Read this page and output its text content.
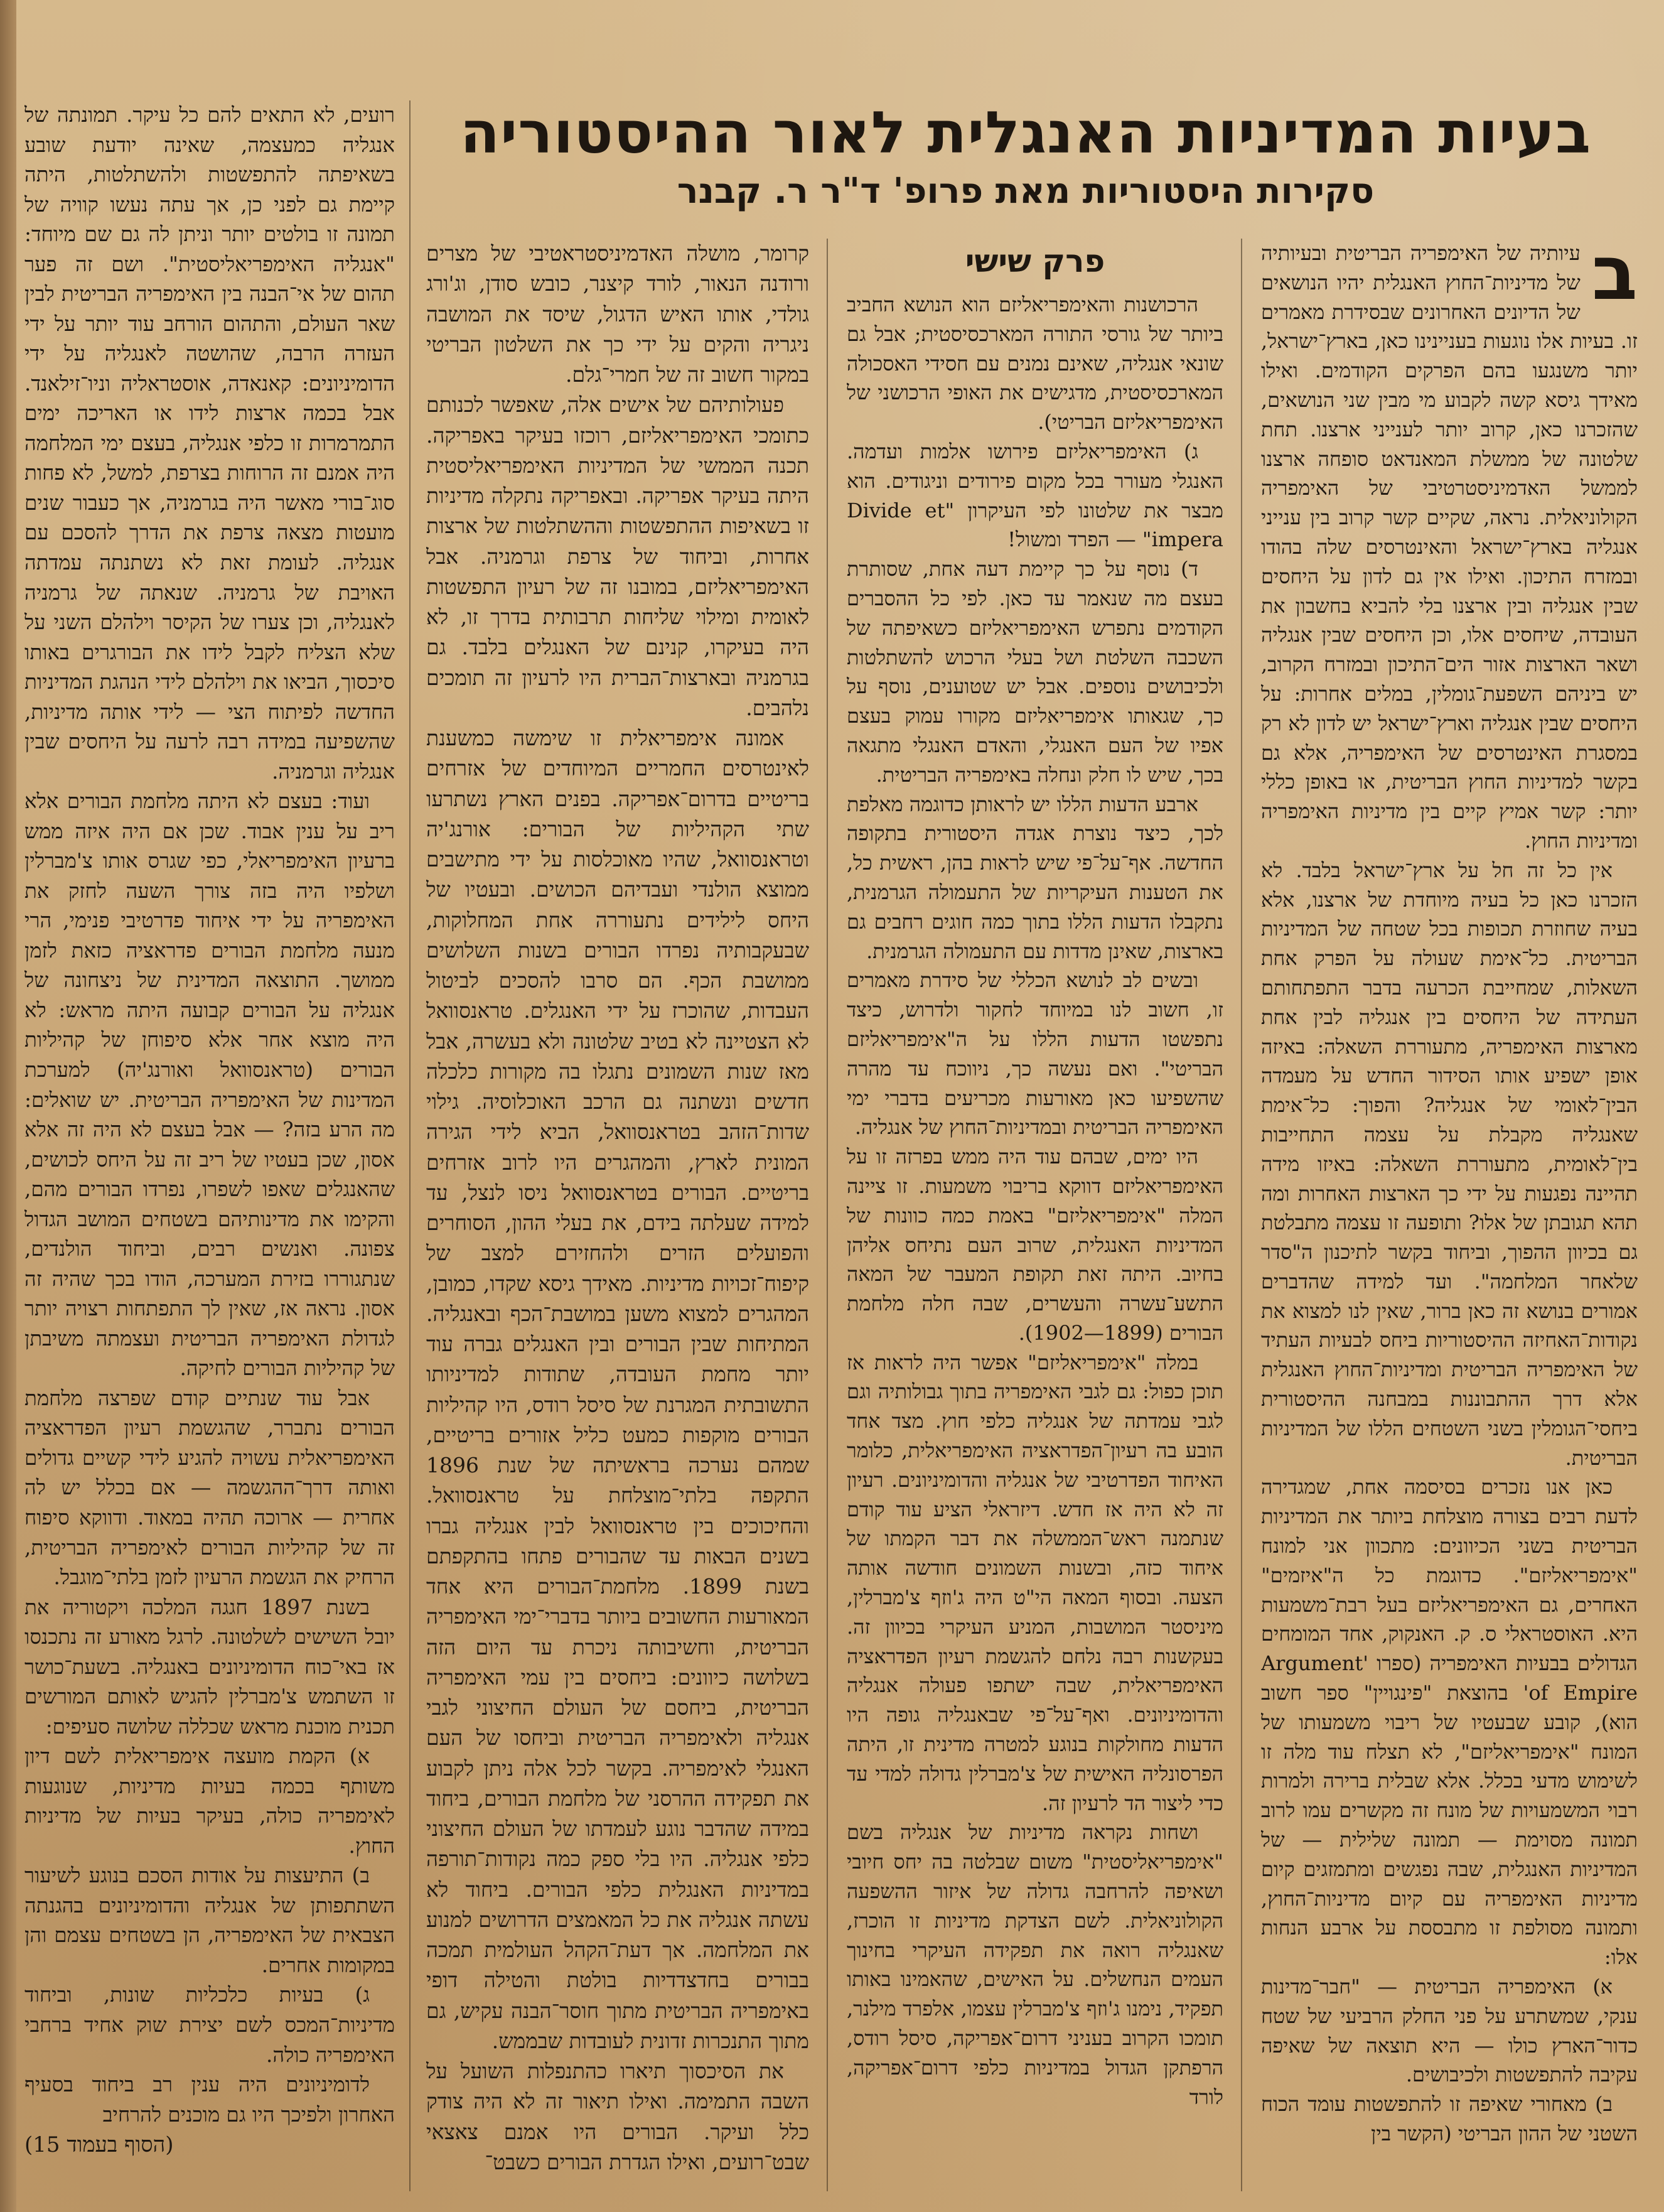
בעיות המדיניות האנגלית לאור ההיסטוריה
סקירות היסטוריות מאת פרופ' ד"ר ר. קבנר
ב

עיותיה של האימפריה הבריטית ובעיותיה של מדיניות־החוץ האנגלית יהיו הנושאים של הדיונים האחרונים שבסידרת מאמרים זו. בעיות אלו נוגעות בעניינינו כאן, בארץ־ישראל, יותר משנגעו בהם הפרקים הקודמים. ואילו מאידך גיסא קשה לקבוע מי מבין שני הנושאים, שהזכרנו כאן, קרוב יותר לענייני ארצנו. תחת שלטונה של ממשלת המאנדאט סופחה ארצנו לממשל האדמיניסטרטיבי של האימפריה הקולוניאלית. נראה, שקיים קשר קרוב בין ענייני אנגליה בארץ־ישראל והאינטרסים שלה בהודו ובמזרח התיכון. ואילו אין גם לדון על היחסים שבין אנגליה ובין ארצנו בלי להביא בחשבון את העובדה, שיחסים אלו, וכן היחסים שבין אנגליה ושאר הארצות אזור הים־התיכון ובמזרח הקרוב, יש ביניהם השפעת־גומלין, במלים אחרות: על היחסים שבין אנגליה וארץ־ישראל יש לדון לא רק במסגרת האינטרסים של האימפריה, אלא גם בקשר למדיניות החוץ הבריטית, או באופן כללי יותר: קשר אמיץ קיים בין מדיניות האימפריה ומדיניות החוץ.

אין כל זה חל על ארץ־ישראל בלבד. לא הזכרנו כאן כל בעיה מיוחדת של ארצנו, אלא בעיה שחוזרת תכופות בכל שטחה של המדיניות הבריטית. כל־אימת שעולה על הפרק אחת השאלות, שמחייבת הכרעה בדבר התפתחותם העתידה של היחסים בין אנגליה לבין אחת מארצות האימפריה, מתעוררת השאלה: באיזה אופן ישפיע אותו הסידור החדש על מעמדה הבין־לאומי של אנגליה? והפוך: כל־אימת שאנגליה מקבלת על עצמה התחייבות בין־לאומית, מתעוררת השאלה: באיזו מידה תהיינה נפגעות על ידי כך הארצות האחרות ומה תהא תגובתן של אלו? ותופעה זו עצמה מתבלטת גם בכיוון ההפוך, וביחוד בקשר לתיכנון ה"סדר שלאחר המלחמה". ועד למידה שהדברים אמורים בנושא זה כאן ברור, שאין לנו למצוא את נקודות־האחיזה ההיסטוריות ביחס לבעיות העתיד של האימפריה הבריטית ומדיניות־החוץ האנגלית אלא דרך ההתבוננות במבחנה ההיסטורית ביחסי־הגומלין בשני השטחים הללו של המדיניות הבריטית.

כאן אנו נזכרים בסיסמה אחת, שמגדירה לדעת רבים בצורה מוצלחת ביותר את המדיניות הבריטית בשני הכיוונים: מתכוון אני למונח "אימפריאליזם". כדוגמת כל ה"איזמים" האחרים, גם האימפריאליזם בעל רבת־משמעות היא. האוסטראלי ס. ק. האנקוק, אחד המומחים הגדולים בבעיות האימפריה (ספרו 'Argument of Empire' בהוצאת "פינגויין" ספר חשוב הוא), קובע שבעטיו של ריבוי משמעותו של המונח "אימפריאליזם", לא תצלח עוד מלה זו לשימוש מדעי בכלל. אלא שבלית ברירה ולמרות רבוי המשמעויות של מונח זה מקשרים עמו לרוב תמונה מסוימת — תמונה שלילית — של המדיניות האנגלית, שבה נפגשים ומתמזגים קיום מדיניות האימפריה עם קיום מדיניות־החוץ, ותמונה מסולפת זו מתבססת על ארבע הנחות אלו:

א) האימפריה הבריטית — "חבר־מדינות ענקי, שמשתרע על פני החלק הרביעי של שטח כדור־הארץ כולו — היא תוצאה של שאיפה עקיבה להתפשטות ולכיבושים.

ב) מאחורי שאיפה זו להתפשטות עומד הכוח השטני של ההון הבריטי (הקשר בין

פרק שישי

הרכושנות והאימפריאליזם הוא הנושא החביב ביותר של גורסי התורה המארכסיסטית; אבל גם שונאי אנגליה, שאינם נמנים עם חסידי האסכולה המארכסיסטית, מדגישים את האופי הרכושני של האימפריאליזם הבריטי).

ג) האימפריאליזם פירושו אלמות ועדמה. האנגלי מעורר בכל מקום פירודים וניגודים. הוא מבצר את שלטונו לפי העיקרון "Divide et impera" — הפרד ומשול!

ד) נוסף על כך קיימת דעה אחת, שסותרת בעצם מה שנאמר עד כאן. לפי כל ההסברים הקודמים נתפרש האימפריאליזם כשאיפתה של השכבה השלטת ושל בעלי הרכוש להשתלטות ולכיבושים נוספים. אבל יש שטוענים, נוסף על כך, שגאותו אימפריאליזם מקורו עמוק בעצם אפיו של העם האנגלי, והאדם האנגלי מתגאה בכך, שיש לו חלק ונחלה באימפריה הבריטית.

ארבע הדעות הללו יש לראותן כדוגמה מאלפת לכך, כיצד נוצרת אגדה היסטורית בתקופה החדשה. אף־על־פי שיש לראות בהן, ראשית כל, את הטענות העיקריות של התעמולה הגרמנית, נתקבלו הדעות הללו בתוך כמה חוגים רחבים גם בארצות, שאינן מדדות עם התעמולה הגרמנית.

ובשים לב לנושא הכללי של סידרת מאמרים זו, חשוב לנו במיוחד לחקור ולדרוש, כיצד נתפשטו הדעות הללו על ה"אימפריאליזם הבריטי". ואם נעשה כך, ניווכח עד מהרה שהשפיעו כאן מאורעות מכריעים בדברי ימי האימפריה הבריטית ובמדיניות־החוץ של אנגליה.

היו ימים, שבהם עוד היה ממש בפרזה זו על האימפריאליזם דווקא בריבוי משמעות. זו ציינה המלה "אימפריאליזם" באמת כמה כוונות של המדיניות האנגלית, שרוב העם נתיחס אליהן בחיוב. היתה זאת תקופת המעבר של המאה התשע־עשרה והעשרים, שבה חלה מלחמת הבורים (1899—1902).

במלה "אימפריאליזם" אפשר היה לראות אז תוכן כפול: גם לגבי האימפריה בתוך גבולותיה וגם לגבי עמדתה של אנגליה כלפי חוץ. מצד אחד הובע בה רעיון־הפדראציה האימפריאלית, כלומר האיחוד הפדרטיבי של אנגליה והדומיניונים. רעיון זה לא היה אז חדש. דיזראלי הציע עוד קודם שנתמנה ראש־הממשלה את דבר הקמתו של איחוד כזה, ובשנות השמונים חודשה אותה הצעה. ובסוף המאה הי"ט היה ג'וזף צ'מברלין, מיניסטר המושבות, המניע העיקרי בכיוון זה. בעקשנות רבה נלחם להגשמת רעיון הפדראציה האימפריאלית, שבה ישתפו פעולה אנגליה והדומיניונים. ואף־על־פי שבאנגליה גופה היו הדעות מחולקות בנוגע למטרה מדינית זו, היתה הפרסונליה האישית של צ'מברלין גדולה למדי עד כדי ליצור הד לרעיון זה.

ושחות נקראה מדיניות של אנגליה בשם "אימפריאליסטית" משום שבלטה בה יחס חיובי ושאיפה להרחבה גדולה של איזור ההשפעה הקולוניאלית. לשם הצדקת מדיניות זו הוכרז, שאנגליה רואה את תפקידה העיקרי בחינוך העמים הנחשלים. על האישים, שהאמינו באותו תפקיד, נימנו ג'וזף צ'מברלין עצמו, אלפרד מילנר, תומכו הקרוב בעניני דרום־אפריקה, סיסל רודס, הרפתקן הגדול במדיניות כלפי דרום־אפריקה, לורד

קרומר, מושלה האדמיניסטראטיבי של מצרים ורודנה הנאור, לורד קיצנר, כובש סודן, וג'ורג גולדי, אותו האיש הדגול, שיסד את המושבה ניגריה והקים על ידי כך את השלטון הבריטי במקור חשוב זה של חמרי־גלם.

פעולותיהם של אישים אלה, שאפשר לכנותם כתומכי האימפריאליזם, רוכזו בעיקר באפריקה. תכנה הממשי של המדיניות האימפריאליסטית היתה בעיקר אפריקה. ובאפריקה נתקלה מדיניות זו בשאיפות ההתפשטות וההשתלטות של ארצות אחרות, וביחוד של צרפת וגרמניה. אבל האימפריאליזם, במובנו זה של רעיון התפשטות לאומית ומילוי שליחות תרבותית בדרך זו, לא היה בעיקרו, קנינם של האנגלים בלבד. גם בגרמניה ובארצות־הברית היו לרעיון זה תומכים נלהבים.

אמונה אימפריאלית זו שימשה כמשענת לאינטרסים החמריים המיוחדים של אזרחים בריטיים בדרום־אפריקה. בפנים הארץ נשתרעו שתי הקהיליות של הבורים: אורנג'יה וטראנסוואל, שהיו מאוכלסות על ידי מתישבים ממוצא הולנדי ועבדיהם הכושים. ובעטיו של היחס לילידים נתעוררה אחת המחלוקות, שבעקבותיה נפרדו הבורים בשנות השלושים ממושבת הכף. הם סרבו להסכים לביטול העבדות, שהוכרז על ידי האנגלים. טראנסוואל לא הצטיינה לא בטיב שלטונה ולא בעשרה, אבל מאז שנות השמונים נתגלו בה מקורות כלכלה חדשים ונשתנה גם הרכב האוכלוסיה. גילוי שדות־הזהב בטראנסוואל, הביא לידי הגירה המונית לארץ, והמהגרים היו לרוב אזרחים בריטיים. הבורים בטראנסוואל ניסו לנצל, עד למידה שעלתה בידם, את בעלי ההון, הסוחרים והפועלים הזרים ולהחזירם למצב של קיפוח־זכויות מדיניות. מאידך גיסא שקדו, כמובן, המהגרים למצוא משען במושבת־הכף ובאנגליה. המתיחות שבין הבורים ובין האנגלים גברה עוד יותר מחמת העובדה, שתודות למדיניותו התשובתית המגרנת של סיסל רודס, היו קהיליות הבורים מוקפות כמעט כליל אזורים בריטיים, שמהם נערכה בראשיתה של שנת 1896 התקפה בלתי־מוצלחת על טראנסוואל. והחיכוכים בין טראנסוואל לבין אנגליה גברו בשנים הבאות עד שהבורים פתחו בהתקפתם בשנת 1899. מלחמת־הבורים היא אחד המאורעות החשובים ביותר בדברי־ימי האימפריה הבריטית, וחשיבותה ניכרת עד היום הזה בשלושה כיוונים: ביחסים בין עמי האימפריה הבריטית, ביחסם של העולם החיצוני לגבי אנגליה ולאימפריה הבריטית וביחסו של העם האנגלי לאימפריה. בקשר לכל אלה ניתן לקבוע את תפקידה ההרסני של מלחמת הבורים, ביחוד במידה שהדבר נוגע לעמדתו של העולם החיצוני כלפי אנגליה. היו בלי ספק כמה נקודות־תורפה במדיניות האנגלית כלפי הבורים. ביחוד לא עשתה אנגליה את כל המאמצים הדרושים למנוע את המלחמה. אך דעת־הקהל העולמית תמכה בבורים בחדצדדיות בולטת והטילה דופי באימפריה הבריטית מתוך חוסר־הבנה עקיש, גם מתוך התנכרות זדונית לעובדות שבממש.

את הסיכסוך תיארו כהתנפלות השועל על השבה התמימה. ואילו תיאור זה לא היה צודק כלל ועיקר. הבורים היו אמנם צאצאי שבט־רועים, ואילו הגדרת הבורים כשבט־

רועים, לא התאים להם כל עיקר. תמונתה של אנגליה כמעצמה, שאינה יודעת שובע בשאיפתה להתפשטות ולהשתלטות, היתה קיימת גם לפני כן, אך עתה נעשו קוויה של תמונה זו בולטים יותר וניתן לה גם שם מיוחד: "אנגליה האימפריאליסטית". ושם זה פער תהום של אי־הבנה בין האימפריה הבריטית לבין שאר העולם, והתהום הורחב עוד יותר על ידי העזרה הרבה, שהושטה לאנגליה על ידי הדומיניונים: קאנאדה, אוסטראליה וניו־זילאנד. אבל בכמה ארצות לידו או האריכה ימים התמרמרות זו כלפי אנגליה, בעצם ימי המלחמה היה אמנם זה הרוחות בצרפת, למשל, לא פחות סוג־בורי מאשר היה בגרמניה, אך כעבור שנים מועטות מצאה צרפת את הדרך להסכם עם אנגליה. לעומת זאת לא נשתנתה עמדתה האויבת של גרמניה. שנאתה של גרמניה לאנגליה, וכן צערו של הקיסר וילהלם השני על שלא הצליח לקבל לידו את הבורגרים באותו סיכסוך, הביאו את וילהלם לידי הנהגת המדיניות החדשה לפיתוח הצי — לידי אותה מדיניות, שהשפיעה במידה רבה לרעה על היחסים שבין אנגליה וגרמניה.

ועוד: בעצם לא היתה מלחמת הבורים אלא ריב על ענין אבוד. שכן אם היה איזה ממש ברעיון האימפריאלי, כפי שגרס אותו צ'מברלין ושלפיו היה בזה צורך השעה לחזק את האימפריה על ידי איחוד פדרטיבי פנימי, הרי מנעה מלחמת הבורים פדראציה כזאת לזמן ממושך. התוצאה המדינית של ניצחונה של אנגליה על הבורים קבועה היתה מראש: לא היה מוצא אחר אלא סיפוחן של קהיליות הבורים (טראנסוואל ואורנג'יה) למערכת המדינות של האימפריה הבריטית. יש שואלים: מה הרע בזה? — אבל בעצם לא היה זה אלא אסון, שכן בעטיו של ריב זה על היחס לכושים, שהאנגלים שאפו לשפרו, נפרדו הבורים מהם, והקימו את מדינותיהם בשטחים המושב הגדול צפונה. ואנשים רבים, וביחוד הולנדים, שנתגוררו בזירת המערכה, הודו בכך שהיה זה אסון. נראה אז, שאין לך התפתחות רצויה יותר לגדולת האימפריה הבריטית ועצמתה משיבתן של קהיליות הבורים לחיקה.

אבל עוד שנתיים קודם שפרצה מלחמת הבורים נתברר, שהגשמת רעיון הפדראציה האימפריאלית עשויה להגיע לידי קשיים גדולים ואותה דרך־ההגשמה — אם בכלל יש לה אחרית — ארוכה תהיה במאוד. ודווקא סיפוח זה של קהיליות הבורים לאימפריה הבריטית, הרחיק את הגשמת הרעיון לזמן בלתי־מוגבל.

בשנת 1897 חגגה המלכה ויקטוריה את יובל השישים לשלטונה. לרגל מאורע זה נתכנסו אז באי־כוח הדומיניונים באנגליה. בשעת־כושר זו השתמש צ'מברלין להגיש לאותם המורשים תכנית מוכנת מראש שכללה שלושה סעיפים:

א) הקמת מועצה אימפריאלית לשם דיון משותף בכמה בעיות מדיניות, שנוגעות לאימפריה כולה, בעיקר בעיות של מדיניות החוץ.

ב) התיעצות על אודות הסכם בנוגע לשיעור השתתפותן של אנגליה והדומיניונים בהגנתה הצבאית של האימפריה, הן בשטחים עצמם והן במקומות אחרים.

ג) בעיות כלכליות שונות, וביחוד מדיניות־המכס לשם יצירת שוק אחיד ברחבי האימפריה כולה.

לדומיניונים היה ענין רב ביחוד בסעיף האחרון ולפיכך היו גם מוכנים להרחיב

(הסוף בעמוד 15)
